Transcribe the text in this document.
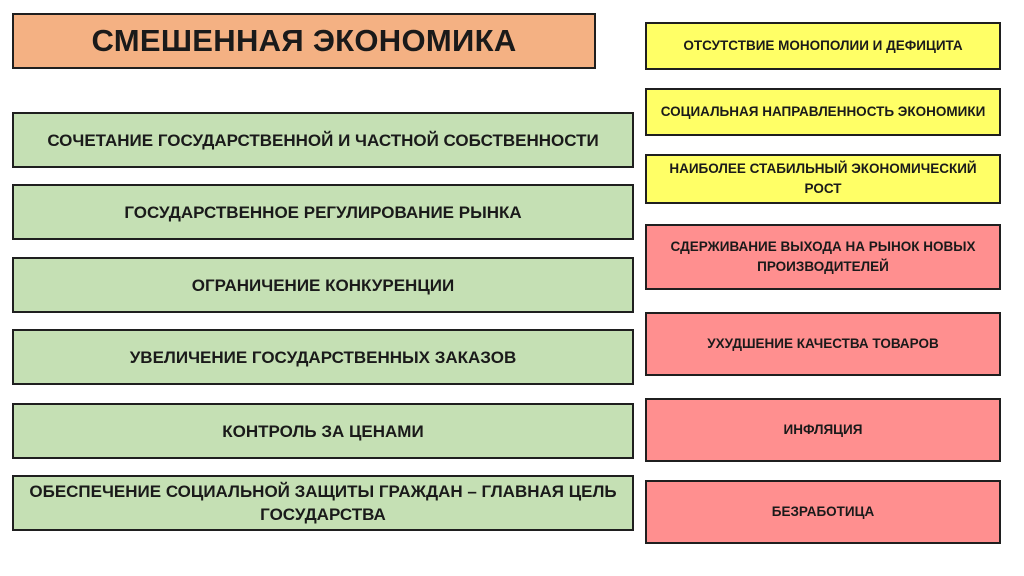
СМЕШЕННАЯ ЭКОНОМИКА
СОЧЕТАНИЕ ГОСУДАРСТВЕННОЙ И ЧАСТНОЙ СОБСТВЕННОСТИ
ГОСУДАРСТВЕННОЕ РЕГУЛИРОВАНИЕ РЫНКА
ОГРАНИЧЕНИЕ КОНКУРЕНЦИИ
УВЕЛИЧЕНИЕ ГОСУДАРСТВЕННЫХ ЗАКАЗОВ
КОНТРОЛЬ ЗА ЦЕНАМИ
ОБЕСПЕЧЕНИЕ СОЦИАЛЬНОЙ ЗАЩИТЫ ГРАЖДАН – ГЛАВНАЯ ЦЕЛЬ ГОСУДАРСТВА
ОТСУТСТВИЕ МОНОПОЛИИ И ДЕФИЦИТА
СОЦИАЛЬНАЯ НАПРАВЛЕННОСТЬ ЭКОНОМИКИ
НАИБОЛЕЕ СТАБИЛЬНЫЙ ЭКОНОМИЧЕСКИЙ РОСТ
СДЕРЖИВАНИЕ ВЫХОДА НА РЫНОК НОВЫХ ПРОИЗВОДИТЕЛЕЙ
УХУДШЕНИЕ КАЧЕСТВА ТОВАРОВ
ИНФЛЯЦИЯ
БЕЗРАБОТИЦА
